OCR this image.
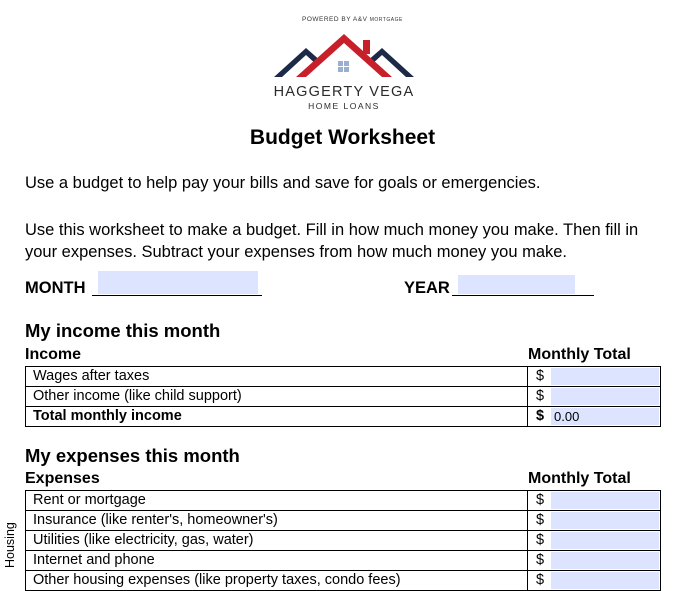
POWERED BY A&V MORTGAGE
HAGGERTY VEGA
HOME LOANS
Budget Worksheet
Use a budget to help pay your bills and save for goals or emergencies.
Use this worksheet to make a budget. Fill in how much money you make. Then fill in your expenses. Subtract your expenses from how much money you make.
MONTH	YEAR
My income this month
Income	Monthly Total
Wages after taxes	$

Other income (like child support)	$

Total monthly income	$ 0.00
My expenses this month
Expenses	Monthly Total
Housing
Rent or mortgage	$

Insurance (like renter's, homeowner's)	$

Utilities (like electricity, gas, water)	$

Internet and phone	$

Other housing expenses (like property taxes, condo fees)	$
